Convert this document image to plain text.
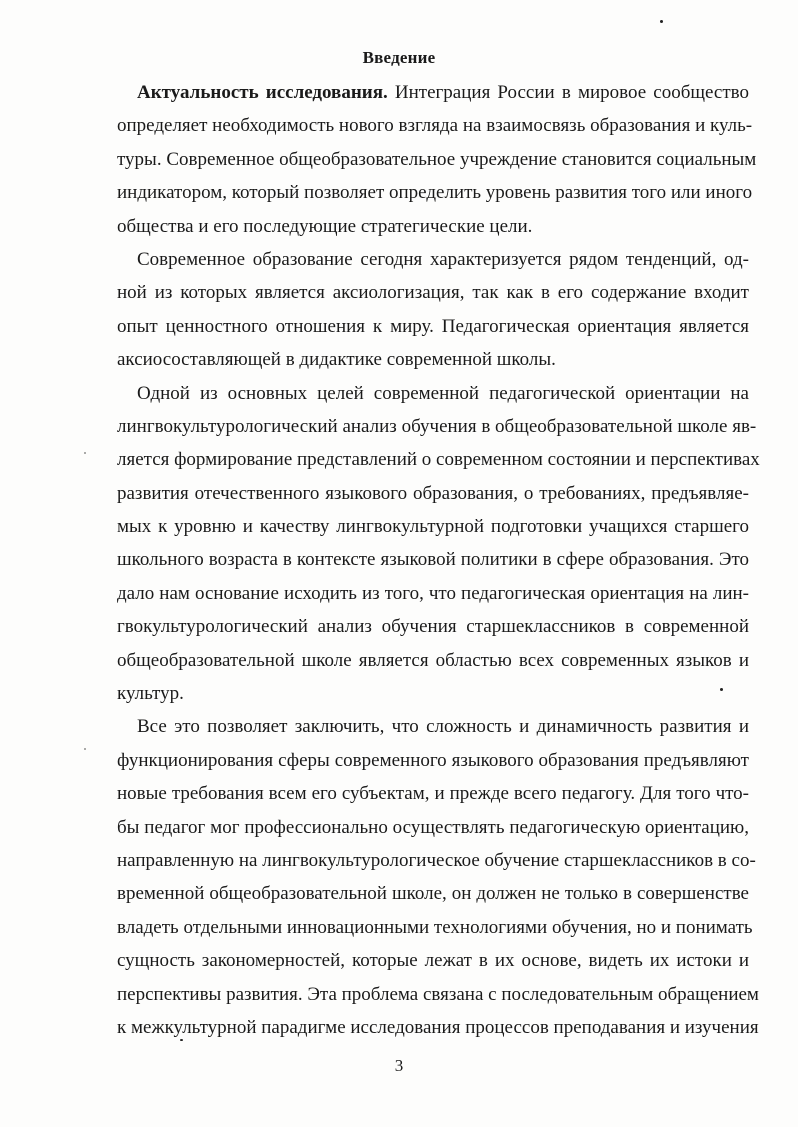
Введение
Актуальность исследования. Интеграция России в мировое сообщество
определяет необходимость нового взгляда на взаимосвязь образования и куль-
туры. Современное общеобразовательное учреждение становится социальным
индикатором, который позволяет определить уровень развития того или иного
общества и его последующие стратегические цели.
Современное образование сегодня характеризуется рядом тенденций, од-
ной из которых является аксиологизация, так как в его содержание входит
опыт ценностного отношения к миру. Педагогическая ориентация является
аксиосоставляющей в дидактике современной школы.
Одной из основных целей современной педагогической ориентации на
лингвокультурологический анализ обучения в общеобразовательной школе яв-
ляется формирование представлений о современном состоянии и перспективах
развития отечественного языкового образования, о требованиях, предъявляе-
мых к уровню и качеству лингвокультурной подготовки учащихся старшего
школьного возраста в контексте языковой политики в сфере образования. Это
дало нам основание исходить из того, что педагогическая ориентация на лин-
гвокультурологический анализ обучения старшеклассников в современной
общеобразовательной школе является областью всех современных языков и
культур.
Все это позволяет заключить, что сложность и динамичность развития и
функционирования сферы современного языкового образования предъявляют
новые требования всем его субъектам, и прежде всего педагогу. Для того что-
бы педагог мог профессионально осуществлять педагогическую ориентацию,
направленную на лингвокультурологическое обучение старшеклассников в со-
временной общеобразовательной школе, он должен не только в совершенстве
владеть отдельными инновационными технологиями обучения, но и понимать
сущность закономерностей, которые лежат в их основе, видеть их истоки и
перспективы развития. Эта проблема связана с последовательным обращением
к межкультурной парадигме исследования процессов преподавания и изучения
3
